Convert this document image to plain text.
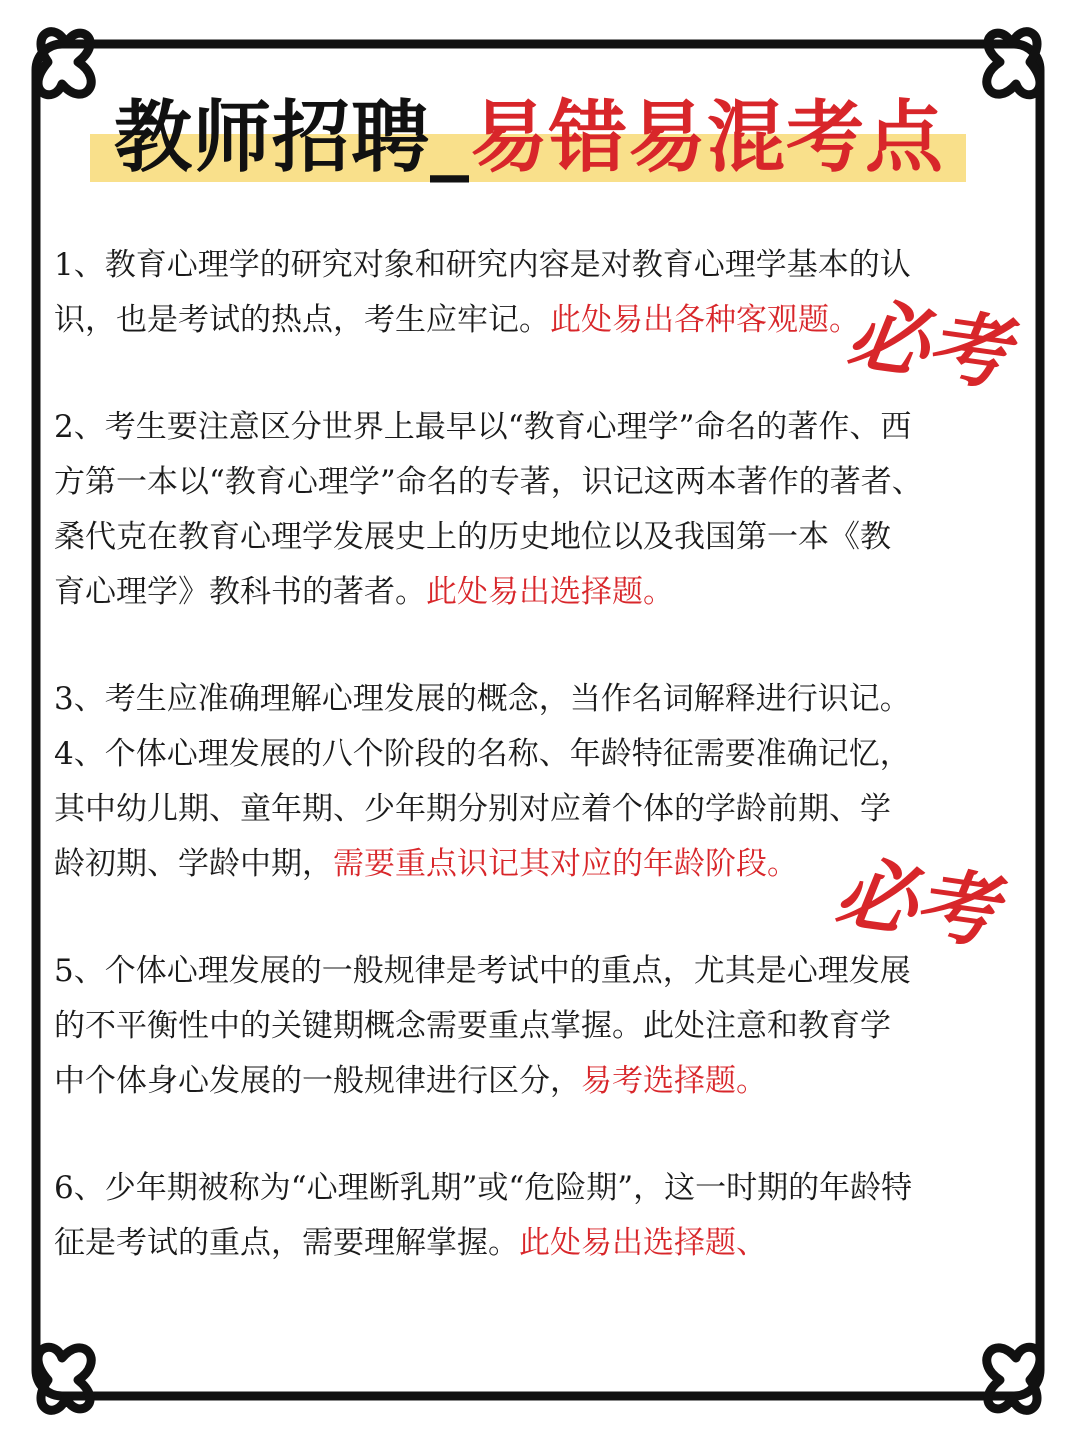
教师招聘_易错易混考点

1、教育心理学的研究对象和研究内容是对教育心理学基本的认
识，也是考试的热点，考生应牢记。此处易出各种客观题。

2、考生要注意区分世界上最早以“教育心理学”命名的著作、西
方第一本以“教育心理学”命名的专著，识记这两本著作的著者、
桑代克在教育心理学发展史上的历史地位以及我国第一本《教
育心理学》教科书的著者。此处易出选择题。

3、考生应准确理解心理发展的概念，当作名词解释进行识记。

4、个体心理发展的八个阶段的名称、年龄特征需要准确记忆，
其中幼儿期、童年期、少年期分别对应着个体的学龄前期、学
龄初期、学龄中期，需要重点识记其对应的年龄阶段。

5、个体心理发展的一般规律是考试中的重点，尤其是心理发展
的不平衡性中的关键期概念需要重点掌握。此处注意和教育学
中个体身心发展的一般规律进行区分，易考选择题。

6、少年期被称为“心理断乳期”或“危险期”，这一时期的年龄特
征是考试的重点，需要理解掌握。此处易出选择题、

必考
必考
